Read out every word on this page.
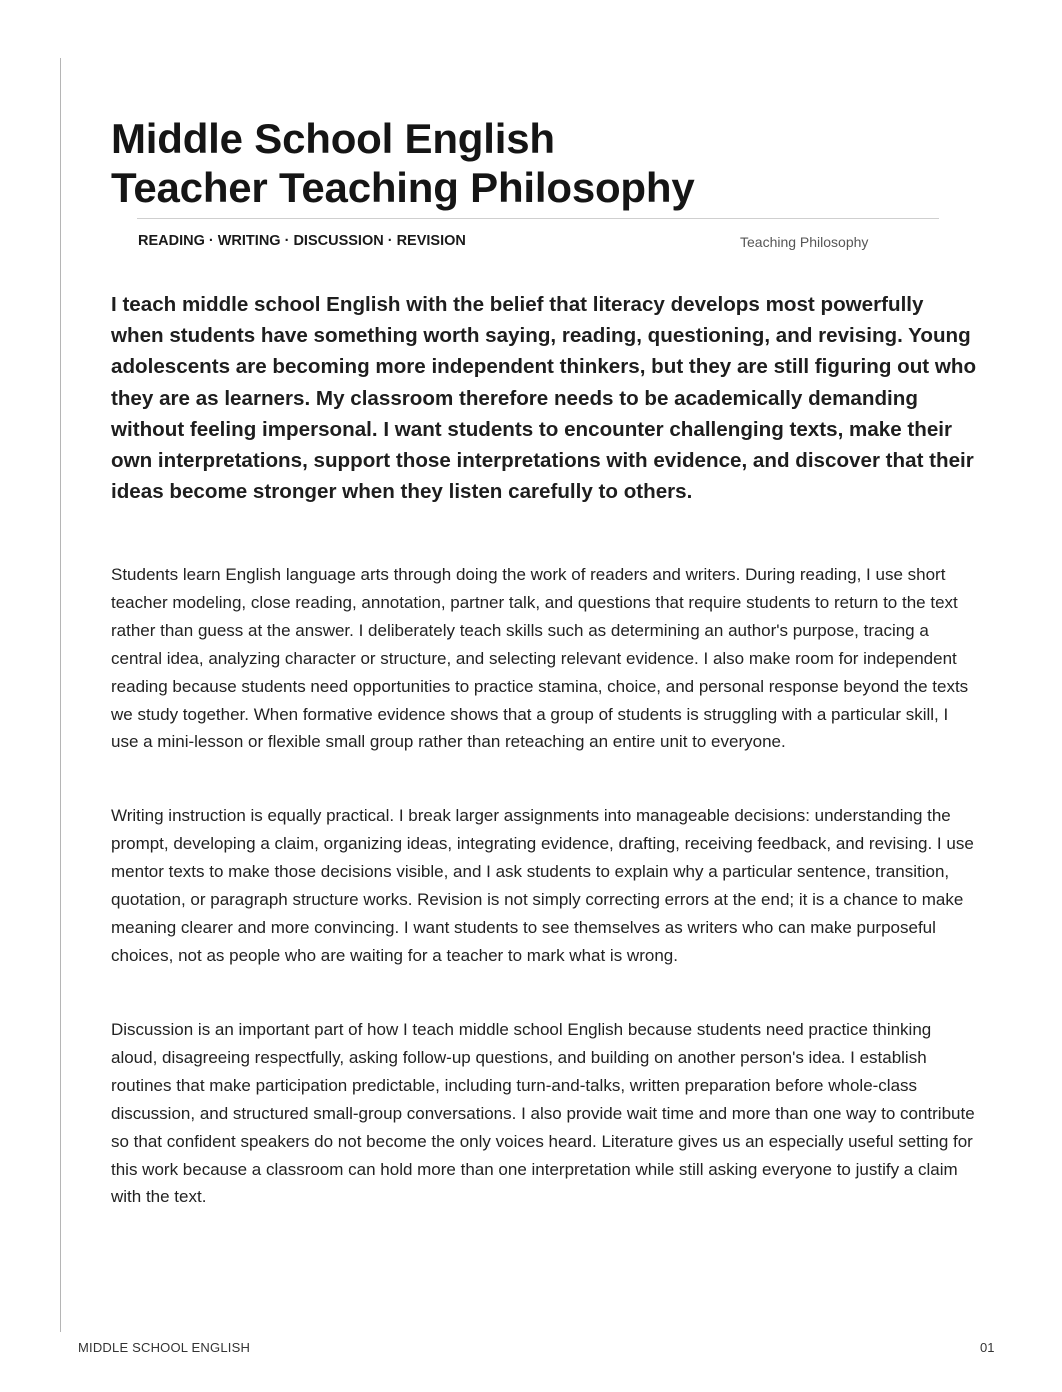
Middle School English
Teacher Teaching Philosophy
READING · WRITING · DISCUSSION · REVISION	Teaching Philosophy

I teach middle school English with the belief that literacy develops most powerfully when students have something worth saying, reading, questioning, and revising. Young adolescents are becoming more independent thinkers, but they are still figuring out who they are as learners. My classroom therefore needs to be academically demanding without feeling impersonal. I want students to encounter challenging texts, make their own interpretations, support those interpretations with evidence, and discover that their ideas become stronger when they listen carefully to others.

Students learn English language arts through doing the work of readers and writers. During reading, I use short teacher modeling, close reading, annotation, partner talk, and questions that require students to return to the text rather than guess at the answer. I deliberately teach skills such as determining an author's purpose, tracing a central idea, analyzing character or structure, and selecting relevant evidence. I also make room for independent reading because students need opportunities to practice stamina, choice, and personal response beyond the texts we study together. When formative evidence shows that a group of students is struggling with a particular skill, I use a mini-lesson or flexible small group rather than reteaching an entire unit to everyone.

Writing instruction is equally practical. I break larger assignments into manageable decisions: understanding the prompt, developing a claim, organizing ideas, integrating evidence, drafting, receiving feedback, and revising. I use mentor texts to make those decisions visible, and I ask students to explain why a particular sentence, transition, quotation, or paragraph structure works. Revision is not simply correcting errors at the end; it is a chance to make meaning clearer and more convincing. I want students to see themselves as writers who can make purposeful choices, not as people who are waiting for a teacher to mark what is wrong.

Discussion is an important part of how I teach middle school English because students need practice thinking aloud, disagreeing respectfully, asking follow-up questions, and building on another person's idea. I establish routines that make participation predictable, including turn-and-talks, written preparation before whole-class discussion, and structured small-group conversations. I also provide wait time and more than one way to contribute so that confident speakers do not become the only voices heard. Literature gives us an especially useful setting for this work because a classroom can hold more than one interpretation while still asking everyone to justify a claim with the text.

MIDDLE SCHOOL ENGLISH	01
